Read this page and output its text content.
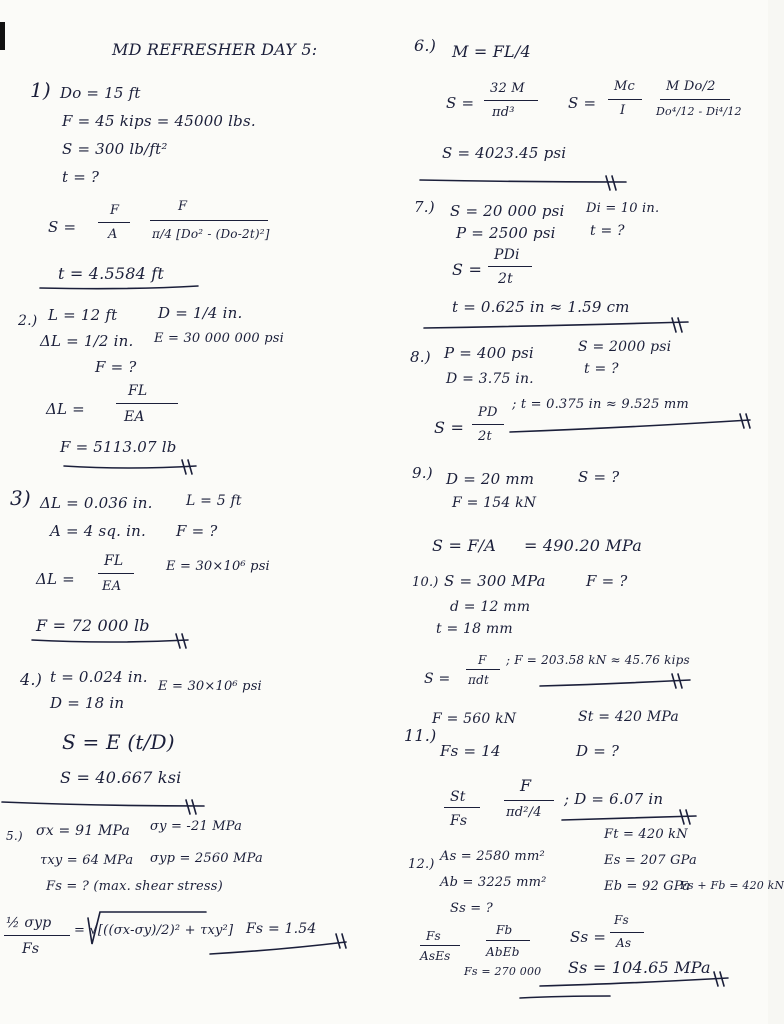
MD REFRESHER DAY 5:
1) Do = 15 ft
F = 45 kips = 45000 lbs.
S = 300 lb/ft²
t = ?
S =
F
A
F
π/4 [Do² - (Do-2t)²]
t = 4.5584 ft
2.) L = 12 ft	D = 1/4 in.
ΔL = 1/2 in. E = 30 000 000 psi
F = ?
ΔL =
FL
EA
F = 5113.07 lb
3) ΔL = 0.036 in. L = 5 ft
A = 4 sq. in. F = ?
ΔL =
FL
EA
E = 30×10⁶ psi
F = 72 000 lb
4.) t = 0.024 in.
D = 18 in
E = 30×10⁶ psi
S = E (t/D)
S = 40.667 ksi
5.) σx = 91 MPa σy = -21 MPa
τxy = 64 MPa σyp = 2560 MPa
Fs = ? (max. shear stress)
½ σyp
Fs
= √[((σx-σy)/2)² + τxy²] Fs = 1.54
6.) M = FL/4
S =
32 M
πd³
S =
Mc
I
M Do/2
Do⁴/12 - Di⁴/12
S = 4023.45 psi
7.) S = 20 000 psi Di = 10 in.
P = 2500 psi t = ?
S =
PDi
2t
t = 0.625 in ≈ 1.59 cm
8.) P = 400 psi	S = 2000 psi
D = 3.75 in.
t = ?
S =
PD
2t
; t = 0.375 in ≈ 9.525 mm
9.) D = 20 mm	S = ?
F = 154 kN
S = F/A = 490.20 MPa
10.) S = 300 MPa	F = ?
d = 12 mm
t = 18 mm
S =
F
πdt
; F = 203.58 kN ≈ 45.76 kips
11.)
F = 560 kN	St = 420 MPa
Fs = 14	D = ?
St
Fs
F
πd²/4
; D = 6.07 in
12.)
As = 2580 mm²
Ab = 3225 mm²
Ss = ?
Ft = 420 kN
Es = 207 GPa
Eb = 92 GPa
Fs + Fb = 420 kN
Fs
AsEs
Fb
AbEb
Fs = 270 000
Ss =
Fs
As
Ss = 104.65 MPa
